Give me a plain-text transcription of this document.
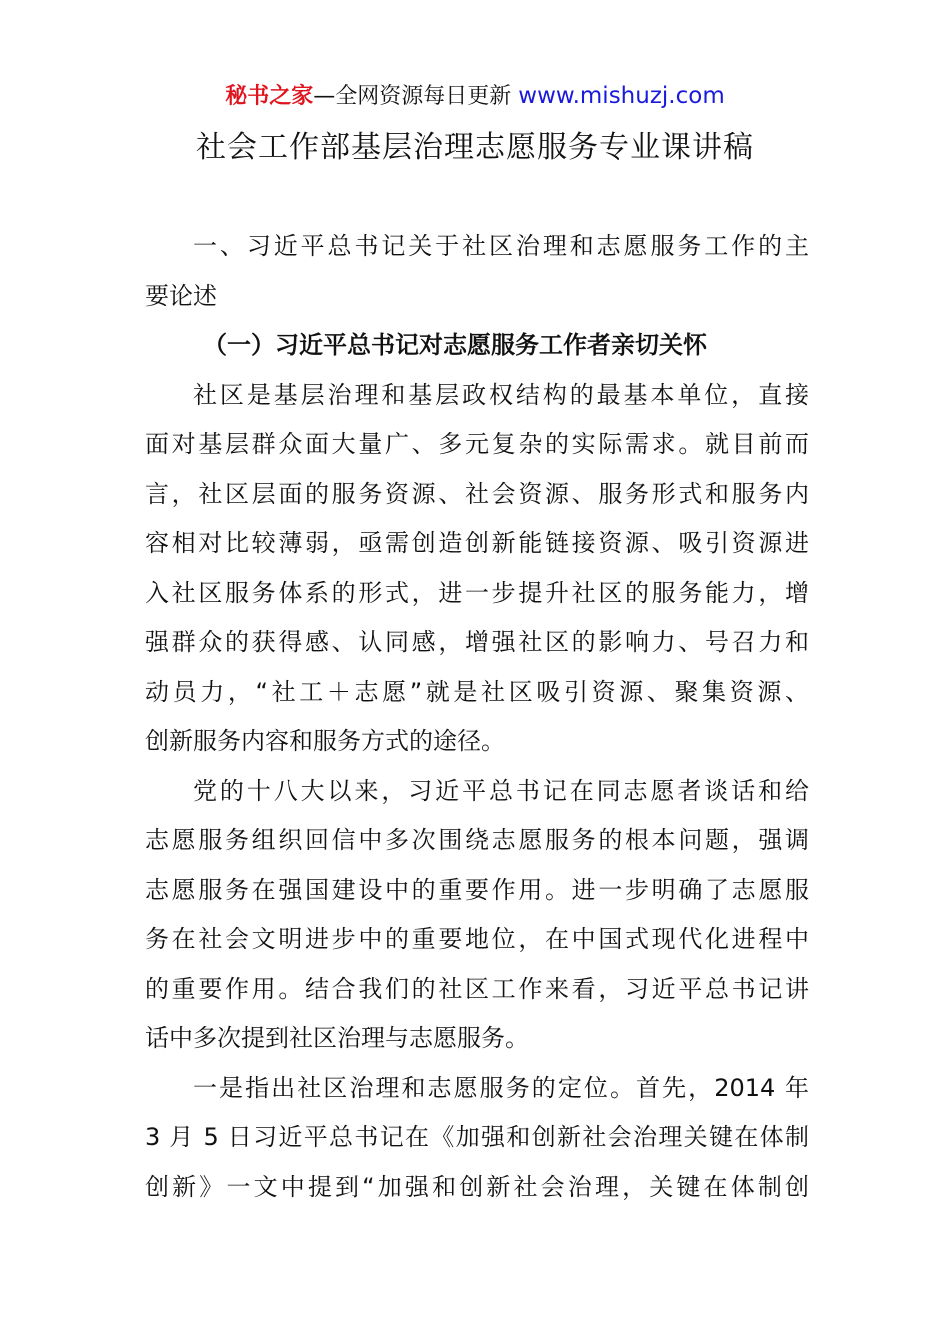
秘书之家—全网资源每日更新 www.mishuzj.com
社会工作部基层治理志愿服务专业课讲稿
一、习近平总书记关于社区治理和志愿服务工作的主
要论述
（一）习近平总书记对志愿服务工作者亲切关怀
社区是基层治理和基层政权结构的最基本单位，直接
面对基层群众面大量广、多元复杂的实际需求。就目前而
言，社区层面的服务资源、社会资源、服务形式和服务内
容相对比较薄弱，亟需创造创新能链接资源、吸引资源进
入社区服务体系的形式，进一步提升社区的服务能力，增
强群众的获得感、认同感，增强社区的影响力、号召力和
动员力，“社工＋志愿”就是社区吸引资源、聚集资源、
创新服务内容和服务方式的途径。
党的十八大以来，习近平总书记在同志愿者谈话和给
志愿服务组织回信中多次围绕志愿服务的根本问题，强调
志愿服务在强国建设中的重要作用。进一步明确了志愿服
务在社会文明进步中的重要地位，在中国式现代化进程中
的重要作用。结合我们的社区工作来看，习近平总书记讲
话中多次提到社区治理与志愿服务。
一是指出社区治理和志愿服务的定位。首先，2014 年
3 月 5 日习近平总书记在《加强和创新社会治理关键在体制
创新》一文中提到“加强和创新社会治理，关键在体制创
